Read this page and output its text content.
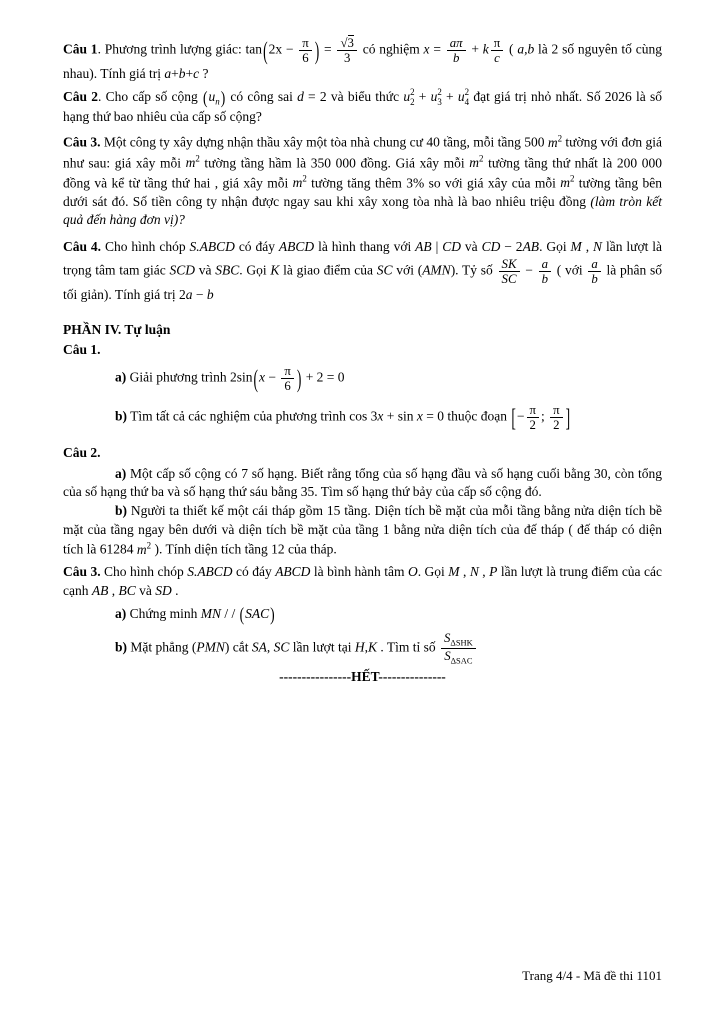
Câu 1. Phương trình lượng giác: $\tan(2x - \frac{\pi}{6}$ ) = $\frac{√3}{3}$ có nghiệm $x = \frac{a\pi}{b} + k \frac{\pi}{c}$ ( a,b là 2 số nguyên tố cùng nhau). Tính giá trị a+b+c ?

Câu 2. Cho cấp số cộng $(u_n)$ có công sai d = 2 và biểu thức u 2
2 + u 2
3 + u 2
4 đạt giá trị nhỏ nhất. Số 2026 là số hạng thứ bao nhiêu của cấp số cộng?

Câu 3. Một công ty xây dựng nhận thầu xây một tòa nhà chung cư 40 tầng, mỗi tầng 500 $m^2$ tường với đơn giá như sau: giá xây mỗi $m^2$ tường tầng hầm là 350 000 đồng. Giá xây mỗi $m^2$ tường tầng thứ nhất là 200 000 đồng và kể từ tầng thứ hai , giá xây mỗi $m^2$ tường tăng thêm 3% so với giá xây của mỗi $m^2$ tường tầng bên dưới sát đó. Số tiền công ty nhận được ngay sau khi xây xong tòa nhà là bao nhiêu triệu đồng (làm tròn kết quả đến hàng đơn vị)?

Câu 4. Cho hình chóp S.ABCD có đáy ABCD là hình thang với AB | CD và CD − 2AB. Gọi M , N lần lượt là trọng tâm tam giác SCD và SBC. Gọi K là giao điểm của SC với (AMN). Tỷ số $\frac{SK}{SC} - \frac{a}{b}$ ( với $\frac{a}{b}$ là phân số tối giản). Tính giá trị 2a − b

PHẦN IV. Tự luận

Câu 1.

a) Giải phương trình $2\sin(x - \frac{\pi}{6}$ ) + 2 = 0

b) Tìm tất cả các nghiệm của phương trình cos 3x + sin x = 0 thuộc đoạn [− $\frac{\pi}{2}$ ; $\frac{\pi}{2}$ ]

Câu 2.

a) Một cấp số cộng có 7 số hạng. Biết rằng tổng của số hạng đầu và số hạng cuối bằng 30, còn tổng của số hạng thứ ba và số hạng thứ sáu bằng 35. Tìm số hạng thứ bảy của cấp số cộng đó.

b) Người ta thiết kế một cái tháp gồm 15 tầng. Diện tích bề mặt của mỗi tầng bằng nửa diện tích bề mặt của tầng ngay bên dưới và diện tích bề mặt của tầng 1 bằng nửa diện tích của đế tháp ( đế tháp có diện tích là 61284 $m^2$ ). Tính diện tích tầng 12 của tháp.

Câu 3. Cho hình chóp S.ABCD có đáy ABCD là bình hành tâm O. Gọi M , N , P lần lượt là trung điểm của các cạnh AB , BC và SD .

a) Chứng minh MN / / (SAC)

b) Mặt phẳng (PMN) cắt SA, SC lần lượt tại H,K . Tìm tỉ số $\frac{S_{\Delta SHK}}{S_{\Delta SAC}}$

----------------HẾT---------------

Trang 4/4 - Mã đề thi 1101
